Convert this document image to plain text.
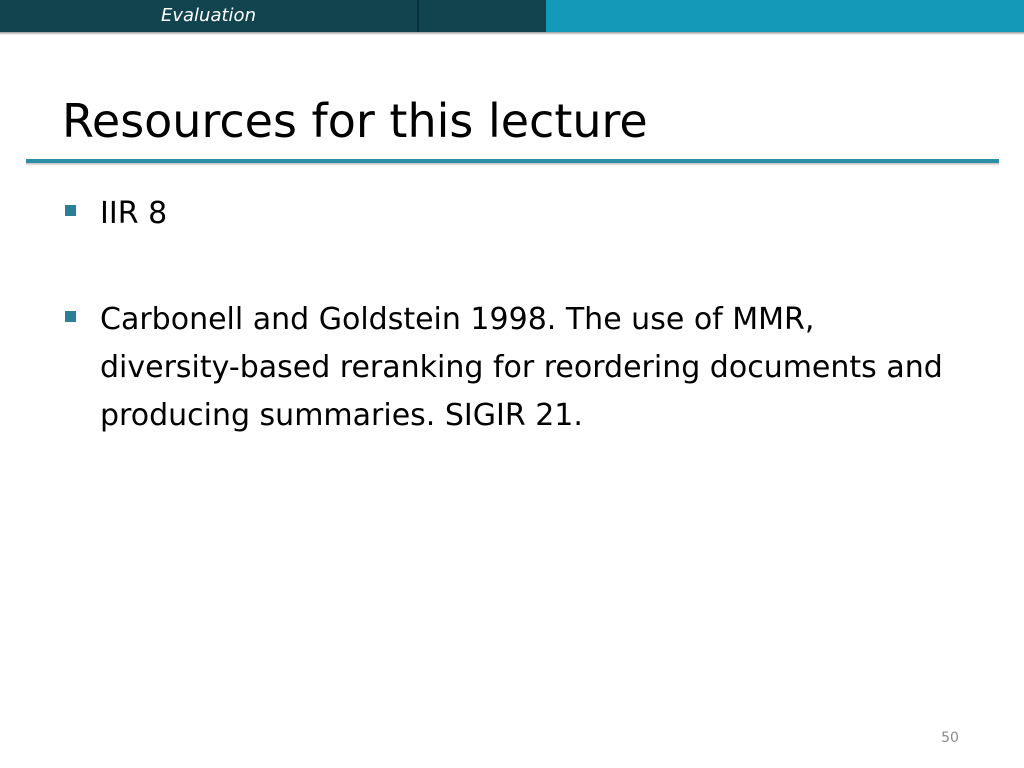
Evaluation
Resources for this lecture
IIR 8
Carbonell and Goldstein 1998. The use of MMR, diversity-based reranking for reordering documents and producing summaries. SIGIR 21.
50
